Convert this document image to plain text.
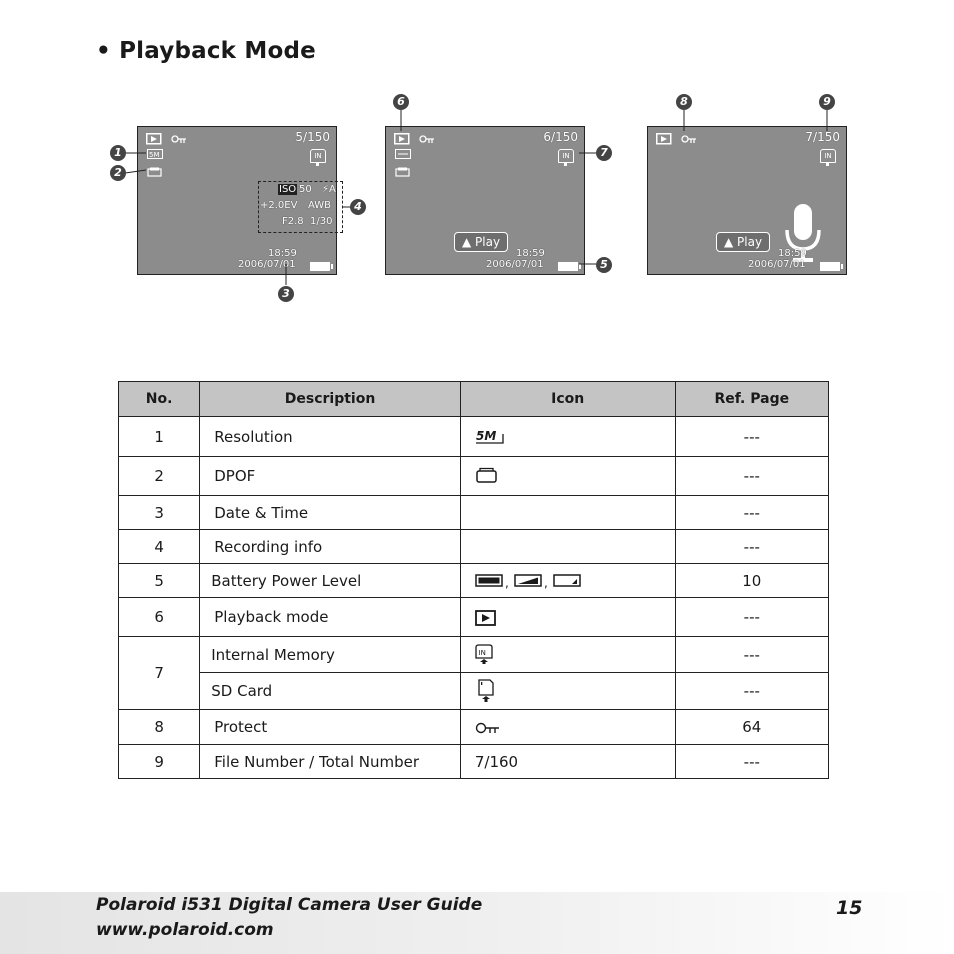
• Playback Mode
5/150
5M	IN
ISO 50 ⚡A
+2.0EV AWB
F2.8 1/30
18:59
2006/07/01
6/150
IN
▲ Play
18:59
2006/07/01
7/150
IN
▲ Play
18:59
2006/07/01
1
2
3
4
5
6
7
8	9
No.	Description	Icon	Ref. Page
1	Resolution	5M	---
2	DPOF		---
3	Date & Time		---
4	Recording info		---
5	Battery Power Level	, ,	10
6	Playback mode		---
7	Internal Memory	IN	---
	SD Card		---
8	Protect		64
9	File Number / Total Number	7/160	---
Polaroid i531 Digital Camera User Guide
www.polaroid.com
15
